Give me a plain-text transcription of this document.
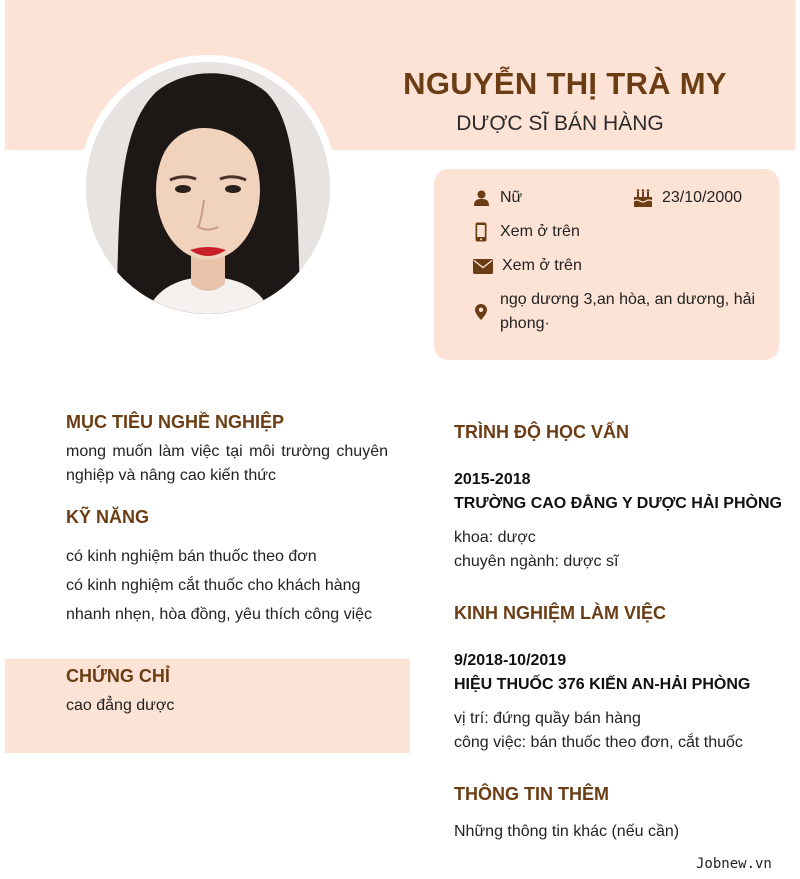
NGUYỄN THỊ TRÀ MY
DƯỢC SĨ BÁN HÀNG
Nữ	23/10/2000
Xem ở trên
Xem ở trên
ngọ dương 3,an hòa, an dương, hải phong·
MỤC TIÊU NGHỀ NGHIỆP
mong muốn làm việc tại môi trường chuyên nghiệp và nâng cao kiến thức
KỸ NĂNG
có kinh nghiệm bán thuốc theo đơn
có kinh nghiệm cắt thuốc cho khách hàng
nhanh nhẹn, hòa đồng, yêu thích công việc
CHỨNG CHỈ
cao đẳng dược
TRÌNH ĐỘ HỌC VẤN
2015-2018
TRƯỜNG CAO ĐẲNG Y DƯỢC HẢI PHÒNG
khoa: dược
chuyên ngành: dược sĩ
KINH NGHIỆM LÀM VIỆC
9/2018-10/2019
HIỆU THUỐC 376 KIẾN AN-HẢI PHÒNG
vị trí: đứng quầy bán hàng
công việc: bán thuốc theo đơn, cắt thuốc
THÔNG TIN THÊM
Những thông tin khác (nếu cần)
Jobnew.vn
